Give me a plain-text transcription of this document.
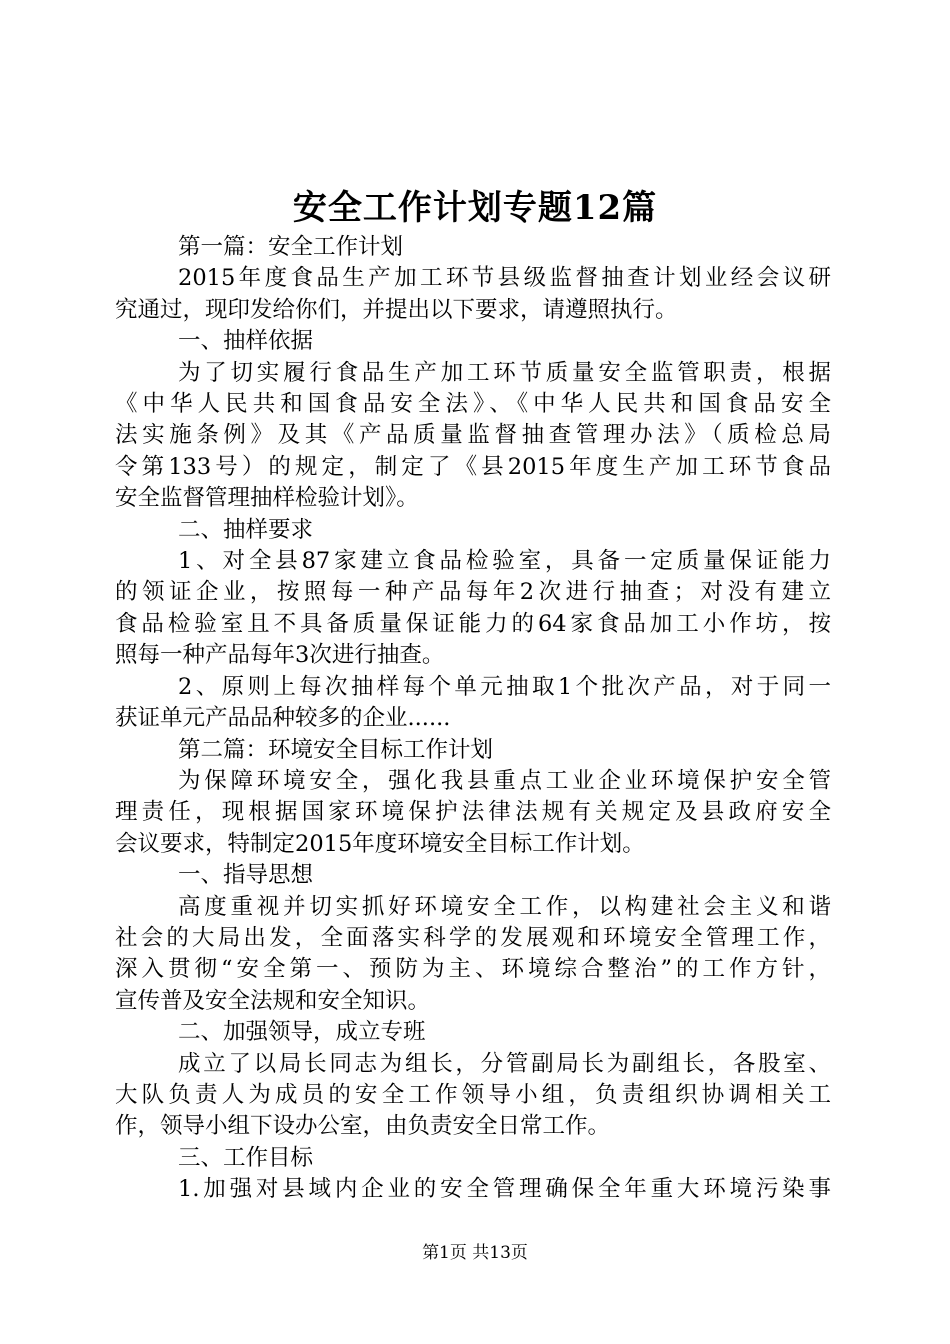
安全工作计划专题12篇
第一篇：安全工作计划
2015年度食品生产加工环节县级监督抽查计划业经会议研
究通过，现印发给你们，并提出以下要求，请遵照执行。
一、抽样依据
为了切实履行食品生产加工环节质量安全监管职责，根据
《中华人民共和国食品安全法》、《中华人民共和国食品安全
法实施条例》及其《产品质量监督抽查管理办法》（质检总局
令第133号）的规定，制定了《县2015年度生产加工环节食品
安全监督管理抽样检验计划》。
二、抽样要求
1、对全县87家建立食品检验室，具备一定质量保证能力
的领证企业，按照每一种产品每年2次进行抽查；对没有建立
食品检验室且不具备质量保证能力的64家食品加工小作坊，按
照每一种产品每年3次进行抽查。
2、原则上每次抽样每个单元抽取1个批次产品，对于同一
获证单元产品品种较多的企业......
第二篇：环境安全目标工作计划
为保障环境安全，强化我县重点工业企业环境保护安全管
理责任，现根据国家环境保护法律法规有关规定及县政府安全
会议要求，特制定2015年度环境安全目标工作计划。
一、指导思想
高度重视并切实抓好环境安全工作，以构建社会主义和谐
社会的大局出发，全面落实科学的发展观和环境安全管理工作，
深入贯彻“安全第一、预防为主、环境综合整治”的工作方针，
宣传普及安全法规和安全知识。
二、加强领导，成立专班
成立了以局长同志为组长，分管副局长为副组长，各股室、
大队负责人为成员的安全工作领导小组，负责组织协调相关工
作，领导小组下设办公室，由负责安全日常工作。
三、工作目标
1.加强对县域内企业的安全管理确保全年重大环境污染事
第1页 共13页
